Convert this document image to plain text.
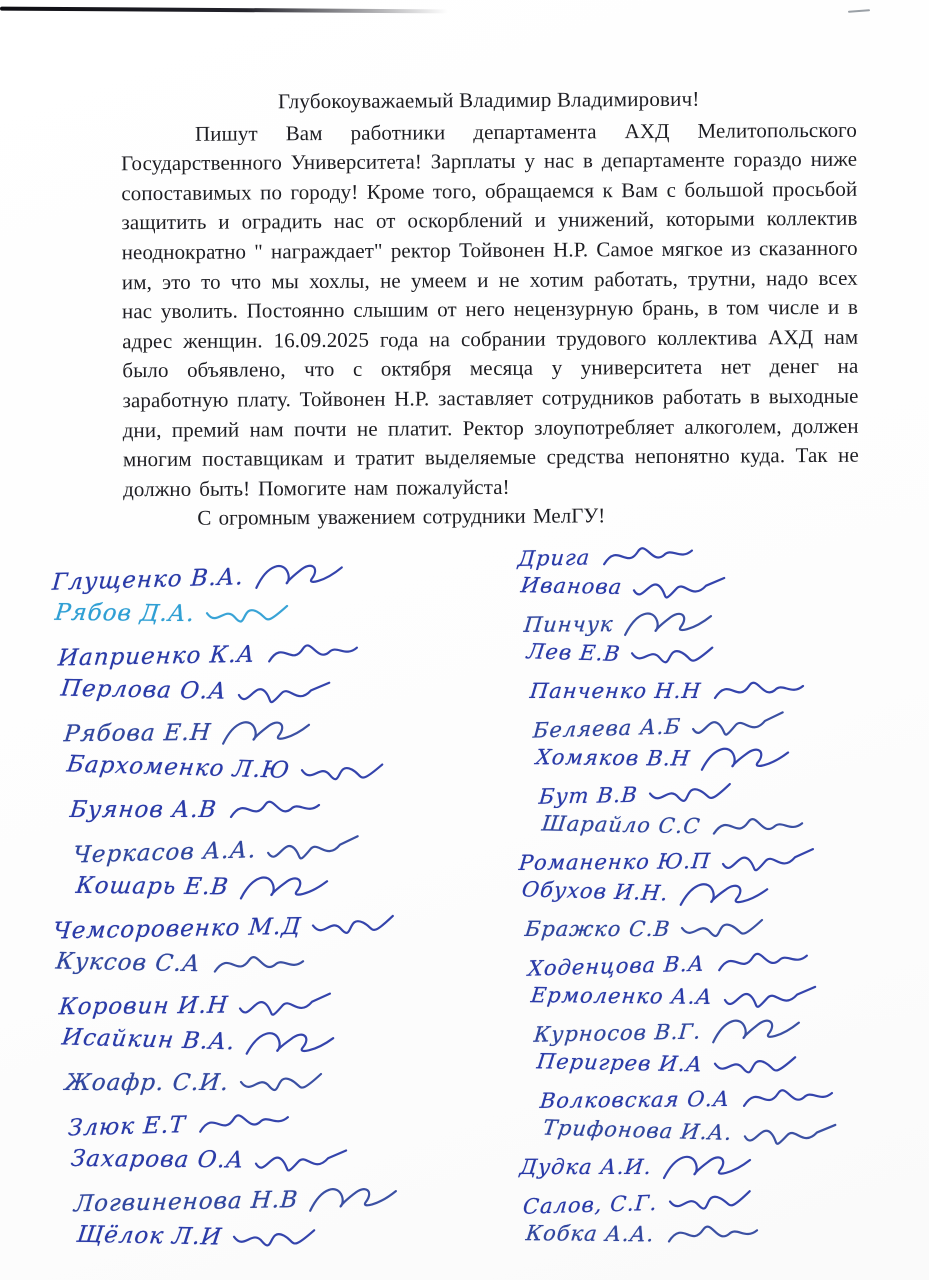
Глубокоуважаемый Владимир Владимирович!

Пишут Вам работники департамента АХД Мелитопольского Государственного Университета! Зарплаты у нас в департаменте гораздо ниже сопоставимых по городу! Кроме того, обращаемся к Вам с большой просьбой защитить и оградить нас от оскорблений и унижений, которыми коллектив неоднократно " награждает" ректор Тойвонен Н.Р. Самое мягкое из сказанного им, это то что мы хохлы, не умеем и не хотим работать, трутни, надо всех нас уволить. Постоянно слышим от него нецензурную брань, в том числе и в адрес женщин. 16.09.2025 года на собрании трудового коллектива АХД нам было объявлено, что с октября месяца у университета нет денег на заработную плату. Тойвонен Н.Р. заставляет сотрудников работать в выходные дни, премий нам почти не платит. Ректор злоупотребляет алкоголем, должен многим поставщикам и тратит выделяемые средства непонятно куда. Так не должно быть! Помогите нам пожалуйста!

С огромным уважением сотрудники МелГУ!

Глущенко В.А.
Рябов Д.А.
Иаприенко К.А
Перлова О.А
Рябова Е.Н
Бархоменко Л.Ю
Буянов А.В
Черкасов А.А.
Кошарь Е.В
Чемсоровенко М.Д
Куксов С.А
Коровин И.Н
Исайкин В.А.
Жоафр. С.И.
Злюк Е.Т
Захарова О.А
Логвиненова Н.В
Щёлок Л.И
Дрига
Иванова
Пинчук
Лев Е.В
Панченко Н.Н
Беляева А.Б
Хомяков В.Н
Бут В.В
Шарайло С.С
Романенко Ю.П
Обухов И.Н.
Бражко С.В
Ходенцова В.А
Ермоленко А.А
Курносов В.Г.
Перигрев И.А
Волковская О.А
Трифонова И.А.
Дудка А.И.
Салов, С.Г.
Кобка А.А.
